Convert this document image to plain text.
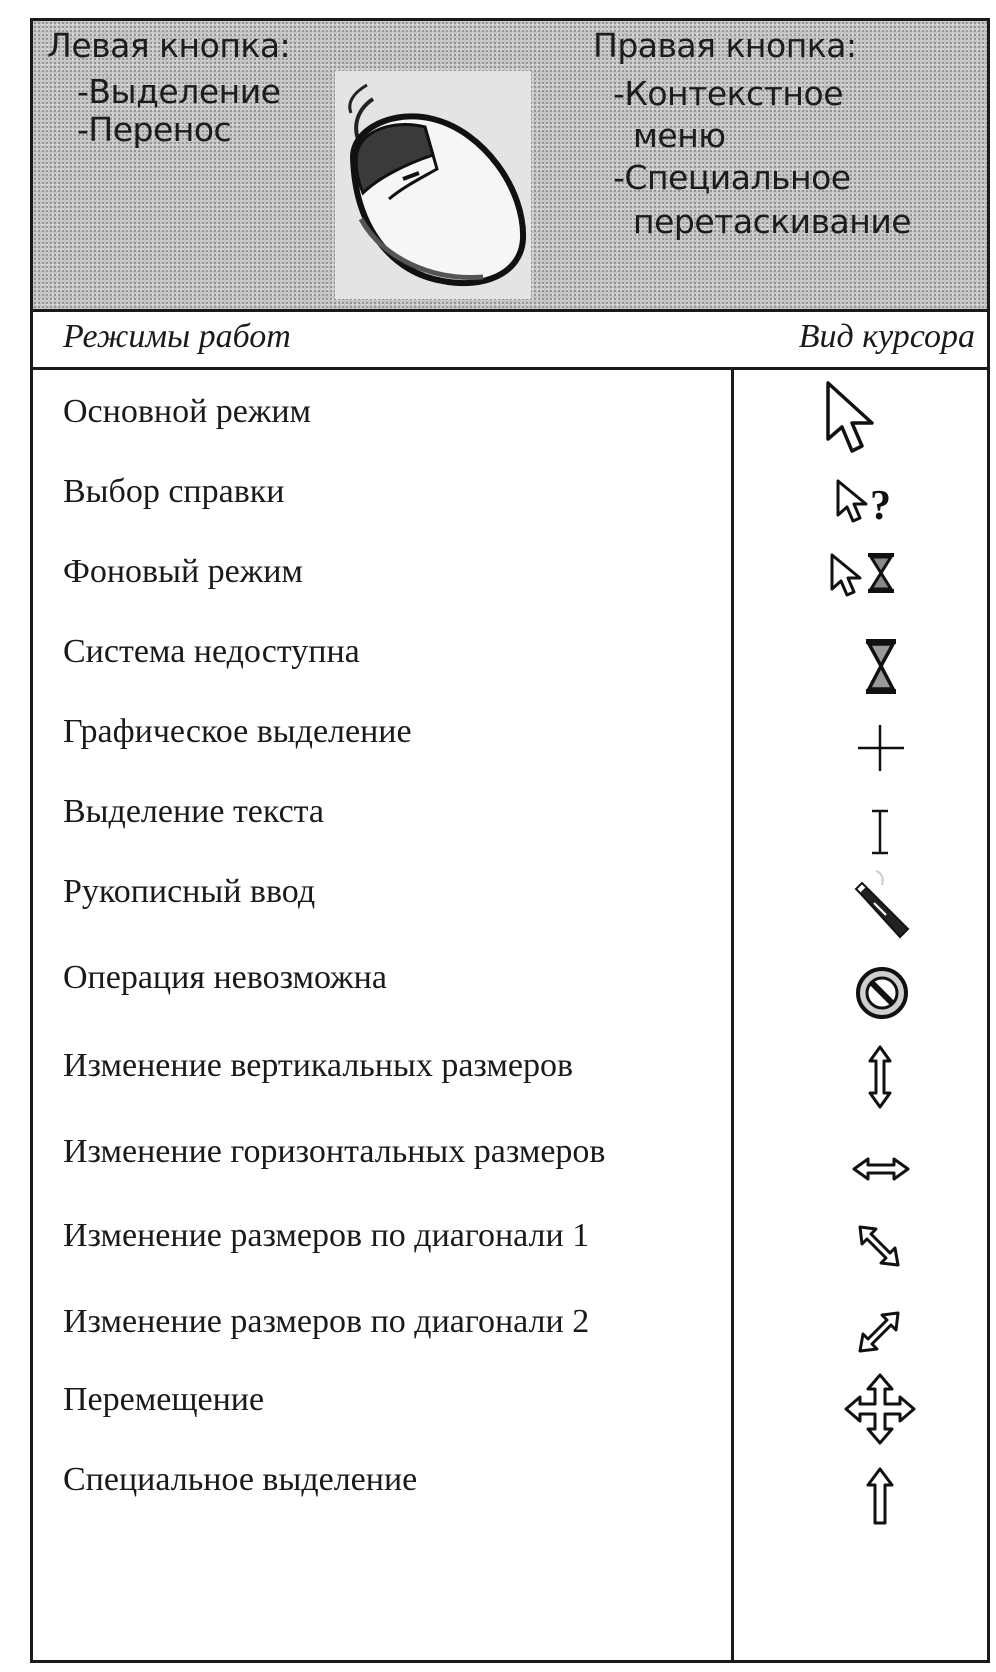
Левая кнопка:
-Выделение
-Перенос
Правая кнопка:
-Контекстное
меню
-Специальное
перетаскивание
Режимы работ	Вид курсора
Основной режим
Выбор справки	?
Фоновый режим
Система недоступна
Графическое выделение
Выделение текста
Рукописный ввод
Операция невозможна
Изменение вертикальных размеров
Изменение горизонтальных размеров
Изменение размеров по диагонали 1
Изменение размеров по диагонали 2
Перемещение
Специальное выделение
